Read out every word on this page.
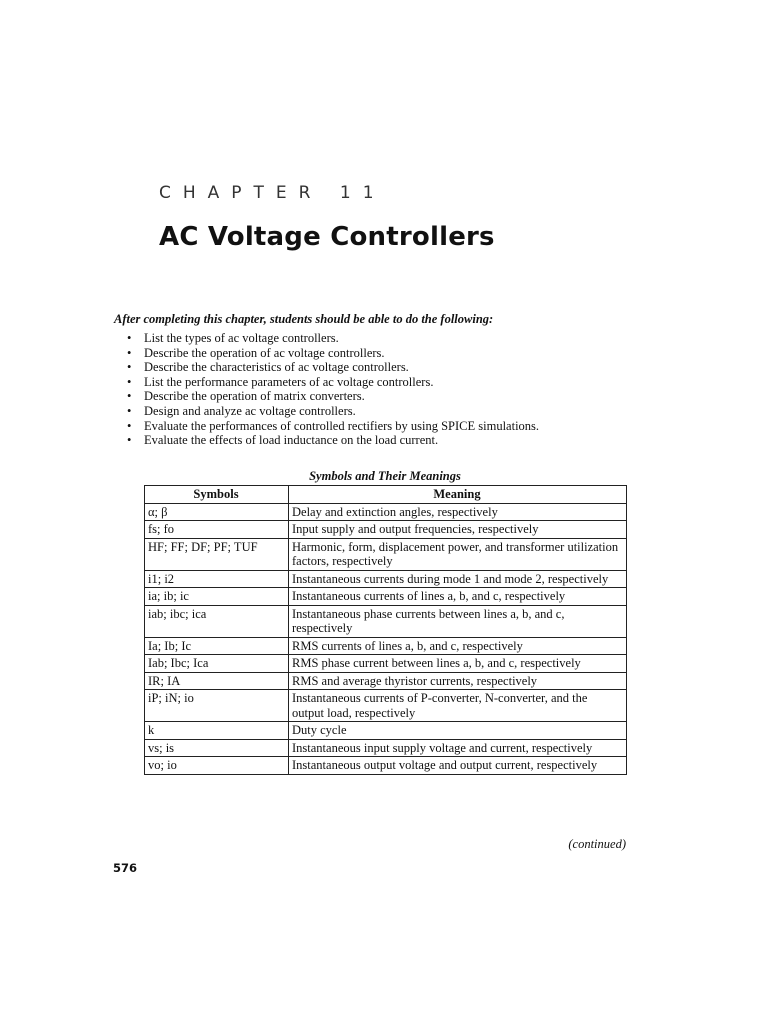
CHAPTER 11
AC Voltage Controllers
After completing this chapter, students should be able to do the following:
• List the types of ac voltage controllers.
• Describe the operation of ac voltage controllers.
• Describe the characteristics of ac voltage controllers.
• List the performance parameters of ac voltage controllers.
• Describe the operation of matrix converters.
• Design and analyze ac voltage controllers.
• Evaluate the performances of controlled rectifiers by using SPICE simulations.
• Evaluate the effects of load inductance on the load current.
Symbols and Their Meanings
Symbols	Meaning
α; β	Delay and extinction angles, respectively
fs; fo	Input supply and output frequencies, respectively
HF; FF; DF; PF; TUF	Harmonic, form, displacement power, and transformer utilization factors, respectively
i1; i2	Instantaneous currents during mode 1 and mode 2, respectively
ia; ib; ic	Instantaneous currents of lines a, b, and c, respectively
iab; ibc; ica	Instantaneous phase currents between lines a, b, and c, respectively
Ia; Ib; Ic	RMS currents of lines a, b, and c, respectively
Iab; Ibc; Ica	RMS phase current between lines a, b, and c, respectively
IR; IA	RMS and average thyristor currents, respectively
iP; iN; io	Instantaneous currents of P-converter, N-converter, and the output load, respectively
k	Duty cycle
vs; is	Instantaneous input supply voltage and current, respectively
vo; io	Instantaneous output voltage and output current, respectively
(continued)
576
